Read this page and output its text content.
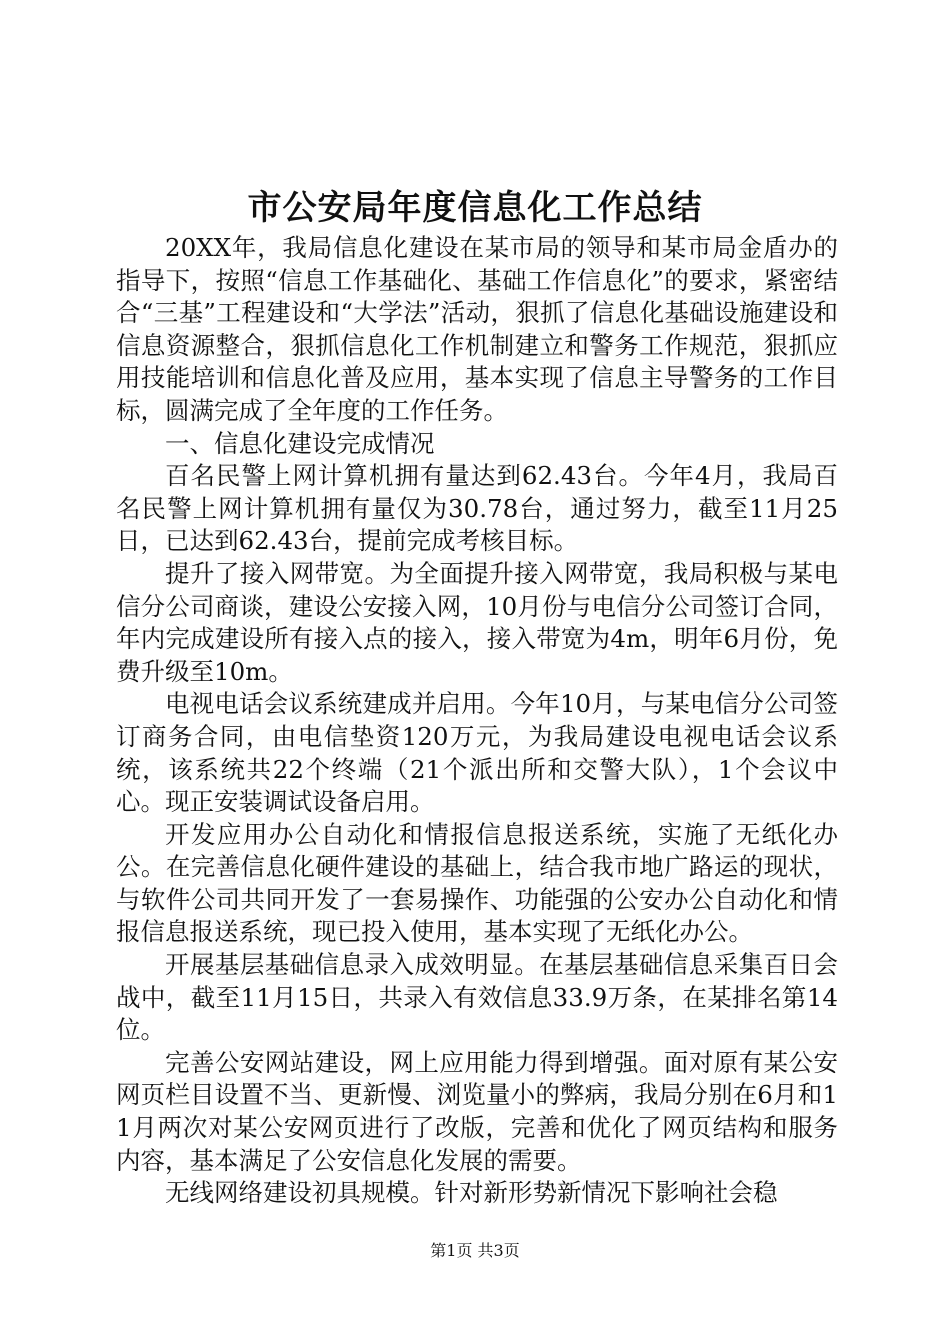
市公安局年度信息化工作总结

20XX年，我局信息化建设在某市局的领导和某市局金盾办的指导下，按照“信息工作基础化、基础工作信息化”的要求，紧密结合“三基”工程建设和“大学法”活动，狠抓了信息化基础设施建设和信息资源整合，狠抓信息化工作机制建立和警务工作规范，狠抓应用技能培训和信息化普及应用，基本实现了信息主导警务的工作目标，圆满完成了全年度的工作任务。

一、信息化建设完成情况

百名民警上网计算机拥有量达到62.43台。今年4月，我局百名民警上网计算机拥有量仅为30.78台，通过努力，截至11月25日，已达到62.43台，提前完成考核目标。

提升了接入网带宽。为全面提升接入网带宽，我局积极与某电信分公司商谈，建设公安接入网，10月份与电信分公司签订合同，年内完成建设所有接入点的接入，接入带宽为4m，明年6月份，免费升级至10m。

电视电话会议系统建成并启用。今年10月，与某电信分公司签订商务合同，由电信垫资120万元，为我局建设电视电话会议系统，该系统共22个终端（21个派出所和交警大队），1个会议中心。现正安装调试设备启用。

开发应用办公自动化和情报信息报送系统，实施了无纸化办公。在完善信息化硬件建设的基础上，结合我市地广路运的现状，与软件公司共同开发了一套易操作、功能强的公安办公自动化和情报信息报送系统，现已投入使用，基本实现了无纸化办公。

开展基层基础信息录入成效明显。在基层基础信息采集百日会战中，截至11月15日，共录入有效信息33.9万条，在某排名第14位。

完善公安网站建设，网上应用能力得到增强。面对原有某公安网页栏目设置不当、更新慢、浏览量小的弊病，我局分别在6月和11月两次对某公安网页进行了改版，完善和优化了网页结构和服务内容，基本满足了公安信息化发展的需要。

无线网络建设初具规模。针对新形势新情况下影响社会稳

第1页 共3页
